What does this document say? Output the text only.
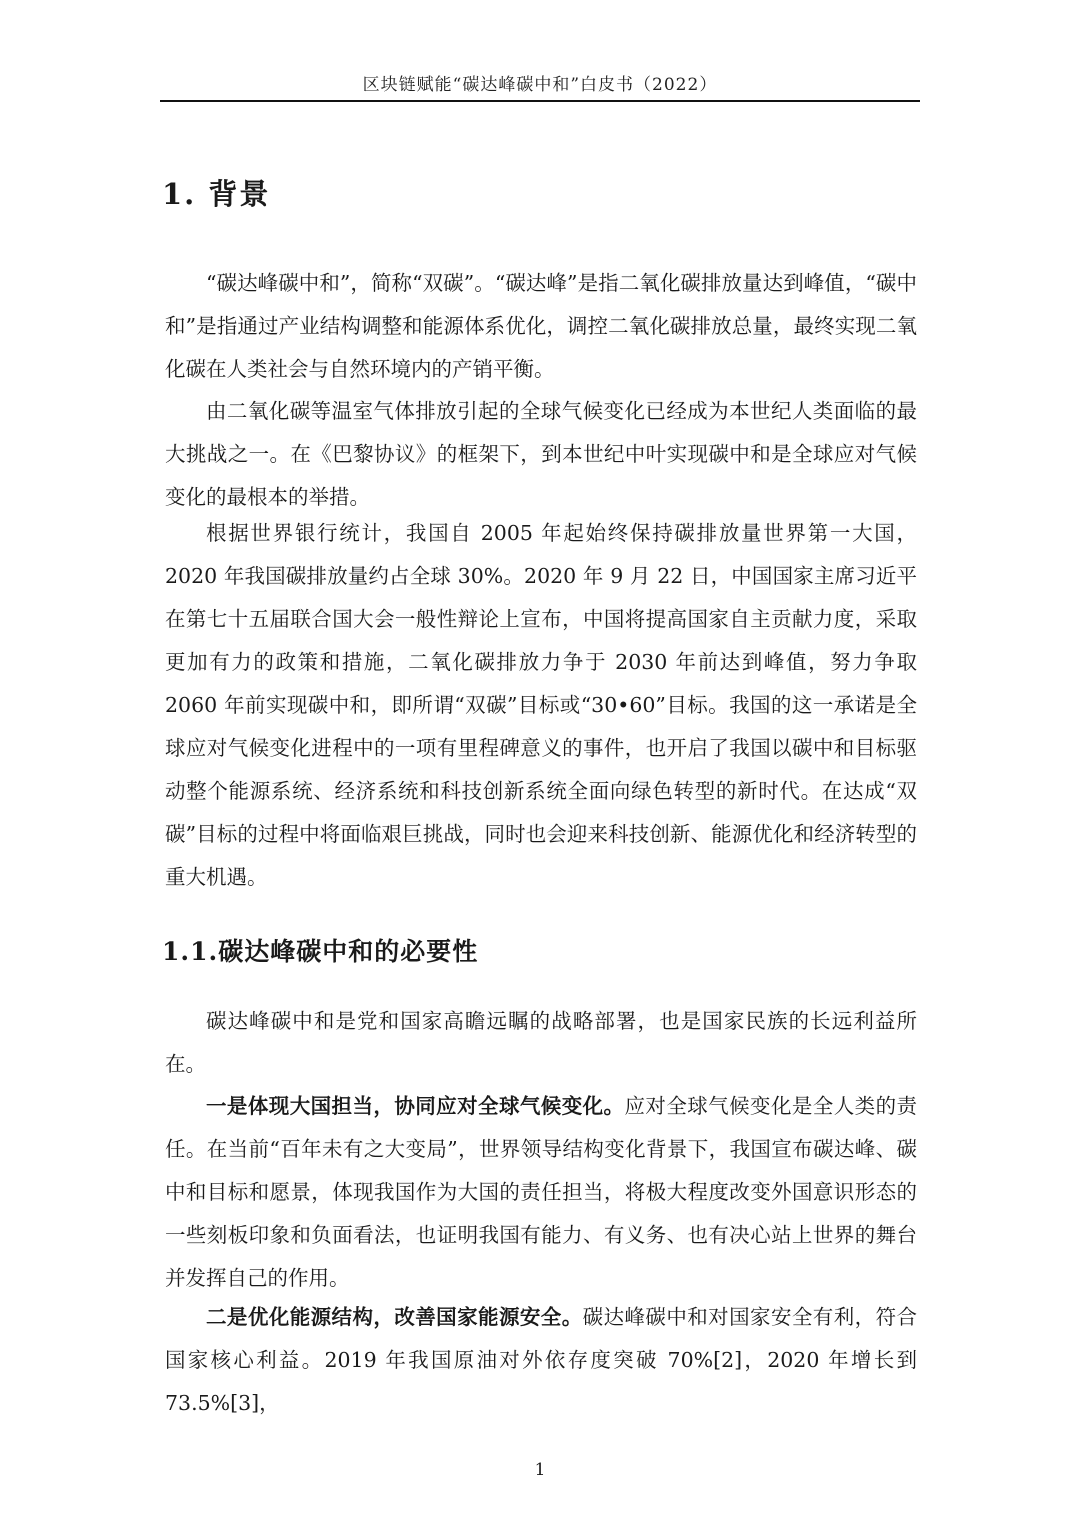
区块链赋能“碳达峰碳中和”白皮书（2022）
1. 背景

“碳达峰碳中和”，简称“双碳”。“碳达峰”是指二氧化碳排放量达到峰值，“碳中和”是指通过产业结构调整和能源体系优化，调控二氧化碳排放总量，最终实现二氧化碳在人类社会与自然环境内的产销平衡。

由二氧化碳等温室气体排放引起的全球气候变化已经成为本世纪人类面临的最大挑战之一。在《巴黎协议》的框架下，到本世纪中叶实现碳中和是全球应对气候变化的最根本的举措。

根据世界银行统计，我国自 2005 年起始终保持碳排放量世界第一大国，2020 年我国碳排放量约占全球 30%。2020 年 9 月 22 日，中国国家主席习近平在第七十五届联合国大会一般性辩论上宣布，中国将提高国家自主贡献力度，采取更加有力的政策和措施，二氧化碳排放力争于 2030 年前达到峰值，努力争取 2060 年前实现碳中和，即所谓“双碳”目标或“30•60”目标。我国的这一承诺是全球应对气候变化进程中的一项有里程碑意义的事件，也开启了我国以碳中和目标驱动整个能源系统、经济系统和科技创新系统全面向绿色转型的新时代。在达成“双碳”目标的过程中将面临艰巨挑战，同时也会迎来科技创新、能源优化和经济转型的重大机遇。

1.1.碳达峰碳中和的必要性

碳达峰碳中和是党和国家高瞻远瞩的战略部署，也是国家民族的长远利益所在。

一是体现大国担当，协同应对全球气候变化。应对全球气候变化是全人类的责任。在当前“百年未有之大变局”，世界领导结构变化背景下，我国宣布碳达峰、碳中和目标和愿景，体现我国作为大国的责任担当，将极大程度改变外国意识形态的一些刻板印象和负面看法，也证明我国有能力、有义务、也有决心站上世界的舞台并发挥自己的作用。

二是优化能源结构，改善国家能源安全。碳达峰碳中和对国家安全有利，符合国家核心利益。2019 年我国原油对外依存度突破 70%[2]，2020 年增长到 73.5%[3]，

1
